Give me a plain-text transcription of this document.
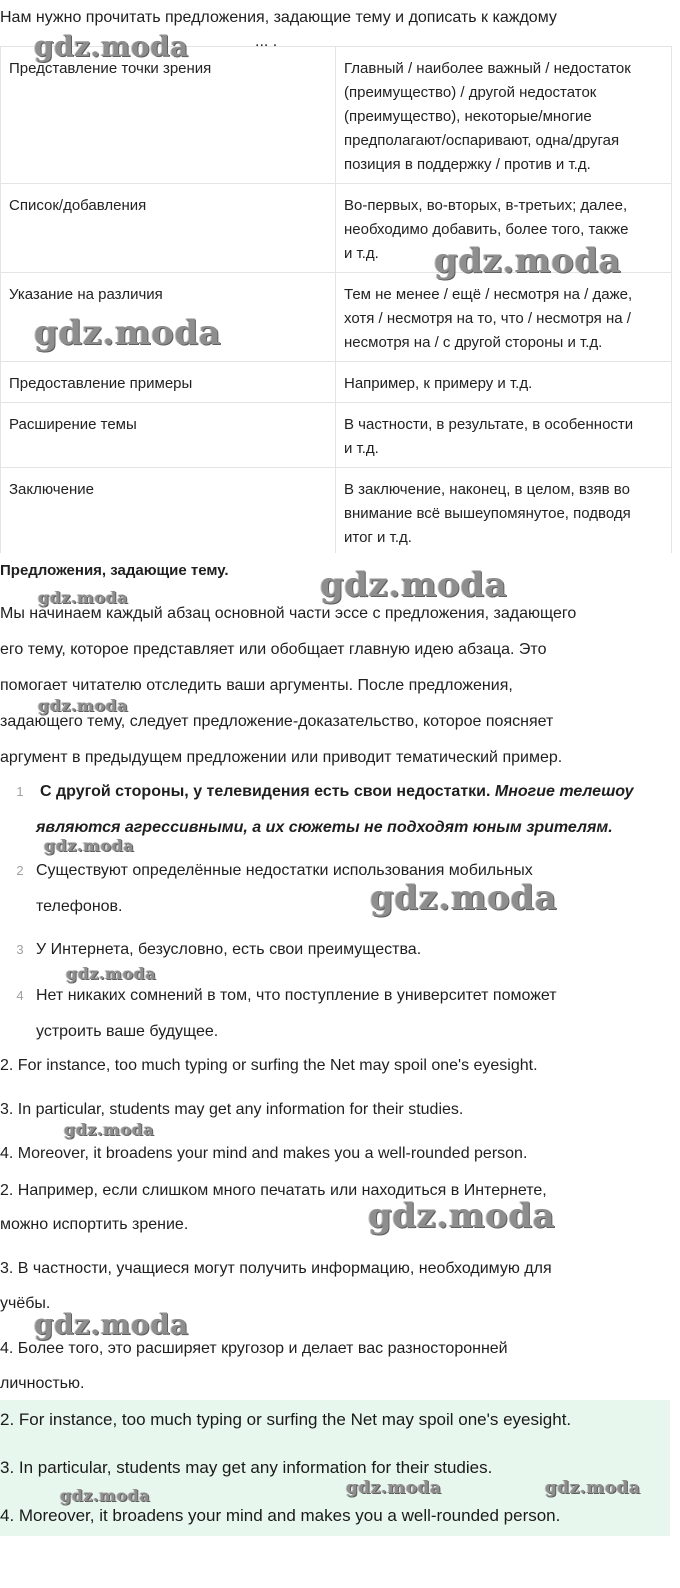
Нам нужно прочитать предложения, задающие тему и дописать к каждому

... .
Представление точки зрения	Главный / наиболее важный / недостаток
(преимущество) / другой недостаток
(преимущество), некоторые/многие
предполагают/оспаривают, одна/другая
позиция в поддержку / против и т.д.

Список/добавления	Во-первых, во-вторых, в-третьих; далее,
необходимо добавить, более того, также
и т.д.

Указание на различия	Тем не менее / ещё / несмотря на / даже,
хотя / несмотря на то, что / несмотря на /
несмотря на / с другой стороны и т.д.

Предоставление примеры	Например, к примеру и т.д.

Расширение темы	В частности, в результате, в особенности
и т.д.

Заключение	В заключение, наконец, в целом, взяв во
внимание всё вышеупомянутое, подводя
итог и т.д.

Предложения, задающие тему.

Мы начинаем каждый абзац основной части эссе с предложения, задающего
его тему, которое представляет или обобщает главную идею абзаца. Это
помогает читателю отследить ваши аргументы. После предложения,
задающего тему, следует предложение-доказательство, которое поясняет
аргумент в предыдущем предложении или приводит тематический пример.
1 С другой стороны, у телевидения есть свои недостатки. Многие телешоу
являются агрессивными, а их сюжеты не подходят юным зрителям.
2 Существуют определённые недостатки использования мобильных
телефонов.
3 У Интернета, безусловно, есть свои преимущества.
4 Нет никаких сомнений в том, что поступление в университет поможет
устроить ваше будущее.
2. For instance, too much typing or surfing the Net may spoil one's eyesight.
3. In particular, students may get any information for their studies.
4. Moreover, it broadens your mind and makes you a well-rounded person.
2. Например, если слишком много печатать или находиться в Интернете,
можно испортить зрение.
3. В частности, учащиеся могут получить информацию, необходимую для
учёбы.
4. Более того, это расширяет кругозор и делает вас разносторонней
личностью.
2. For instance, too much typing or surfing the Net may spoil one's eyesight.
3. In particular, students may get any information for their studies.
4. Moreover, it broadens your mind and makes you a well-rounded person.
gdz.moda
gdz.moda
gdz.moda
gdz.moda
gdz.moda
gdz.moda
gdz.moda
gdz.moda
gdz.moda
gdz.moda
gdz.moda
gdz.moda
gdz.moda	gdz.moda	gdz.moda
